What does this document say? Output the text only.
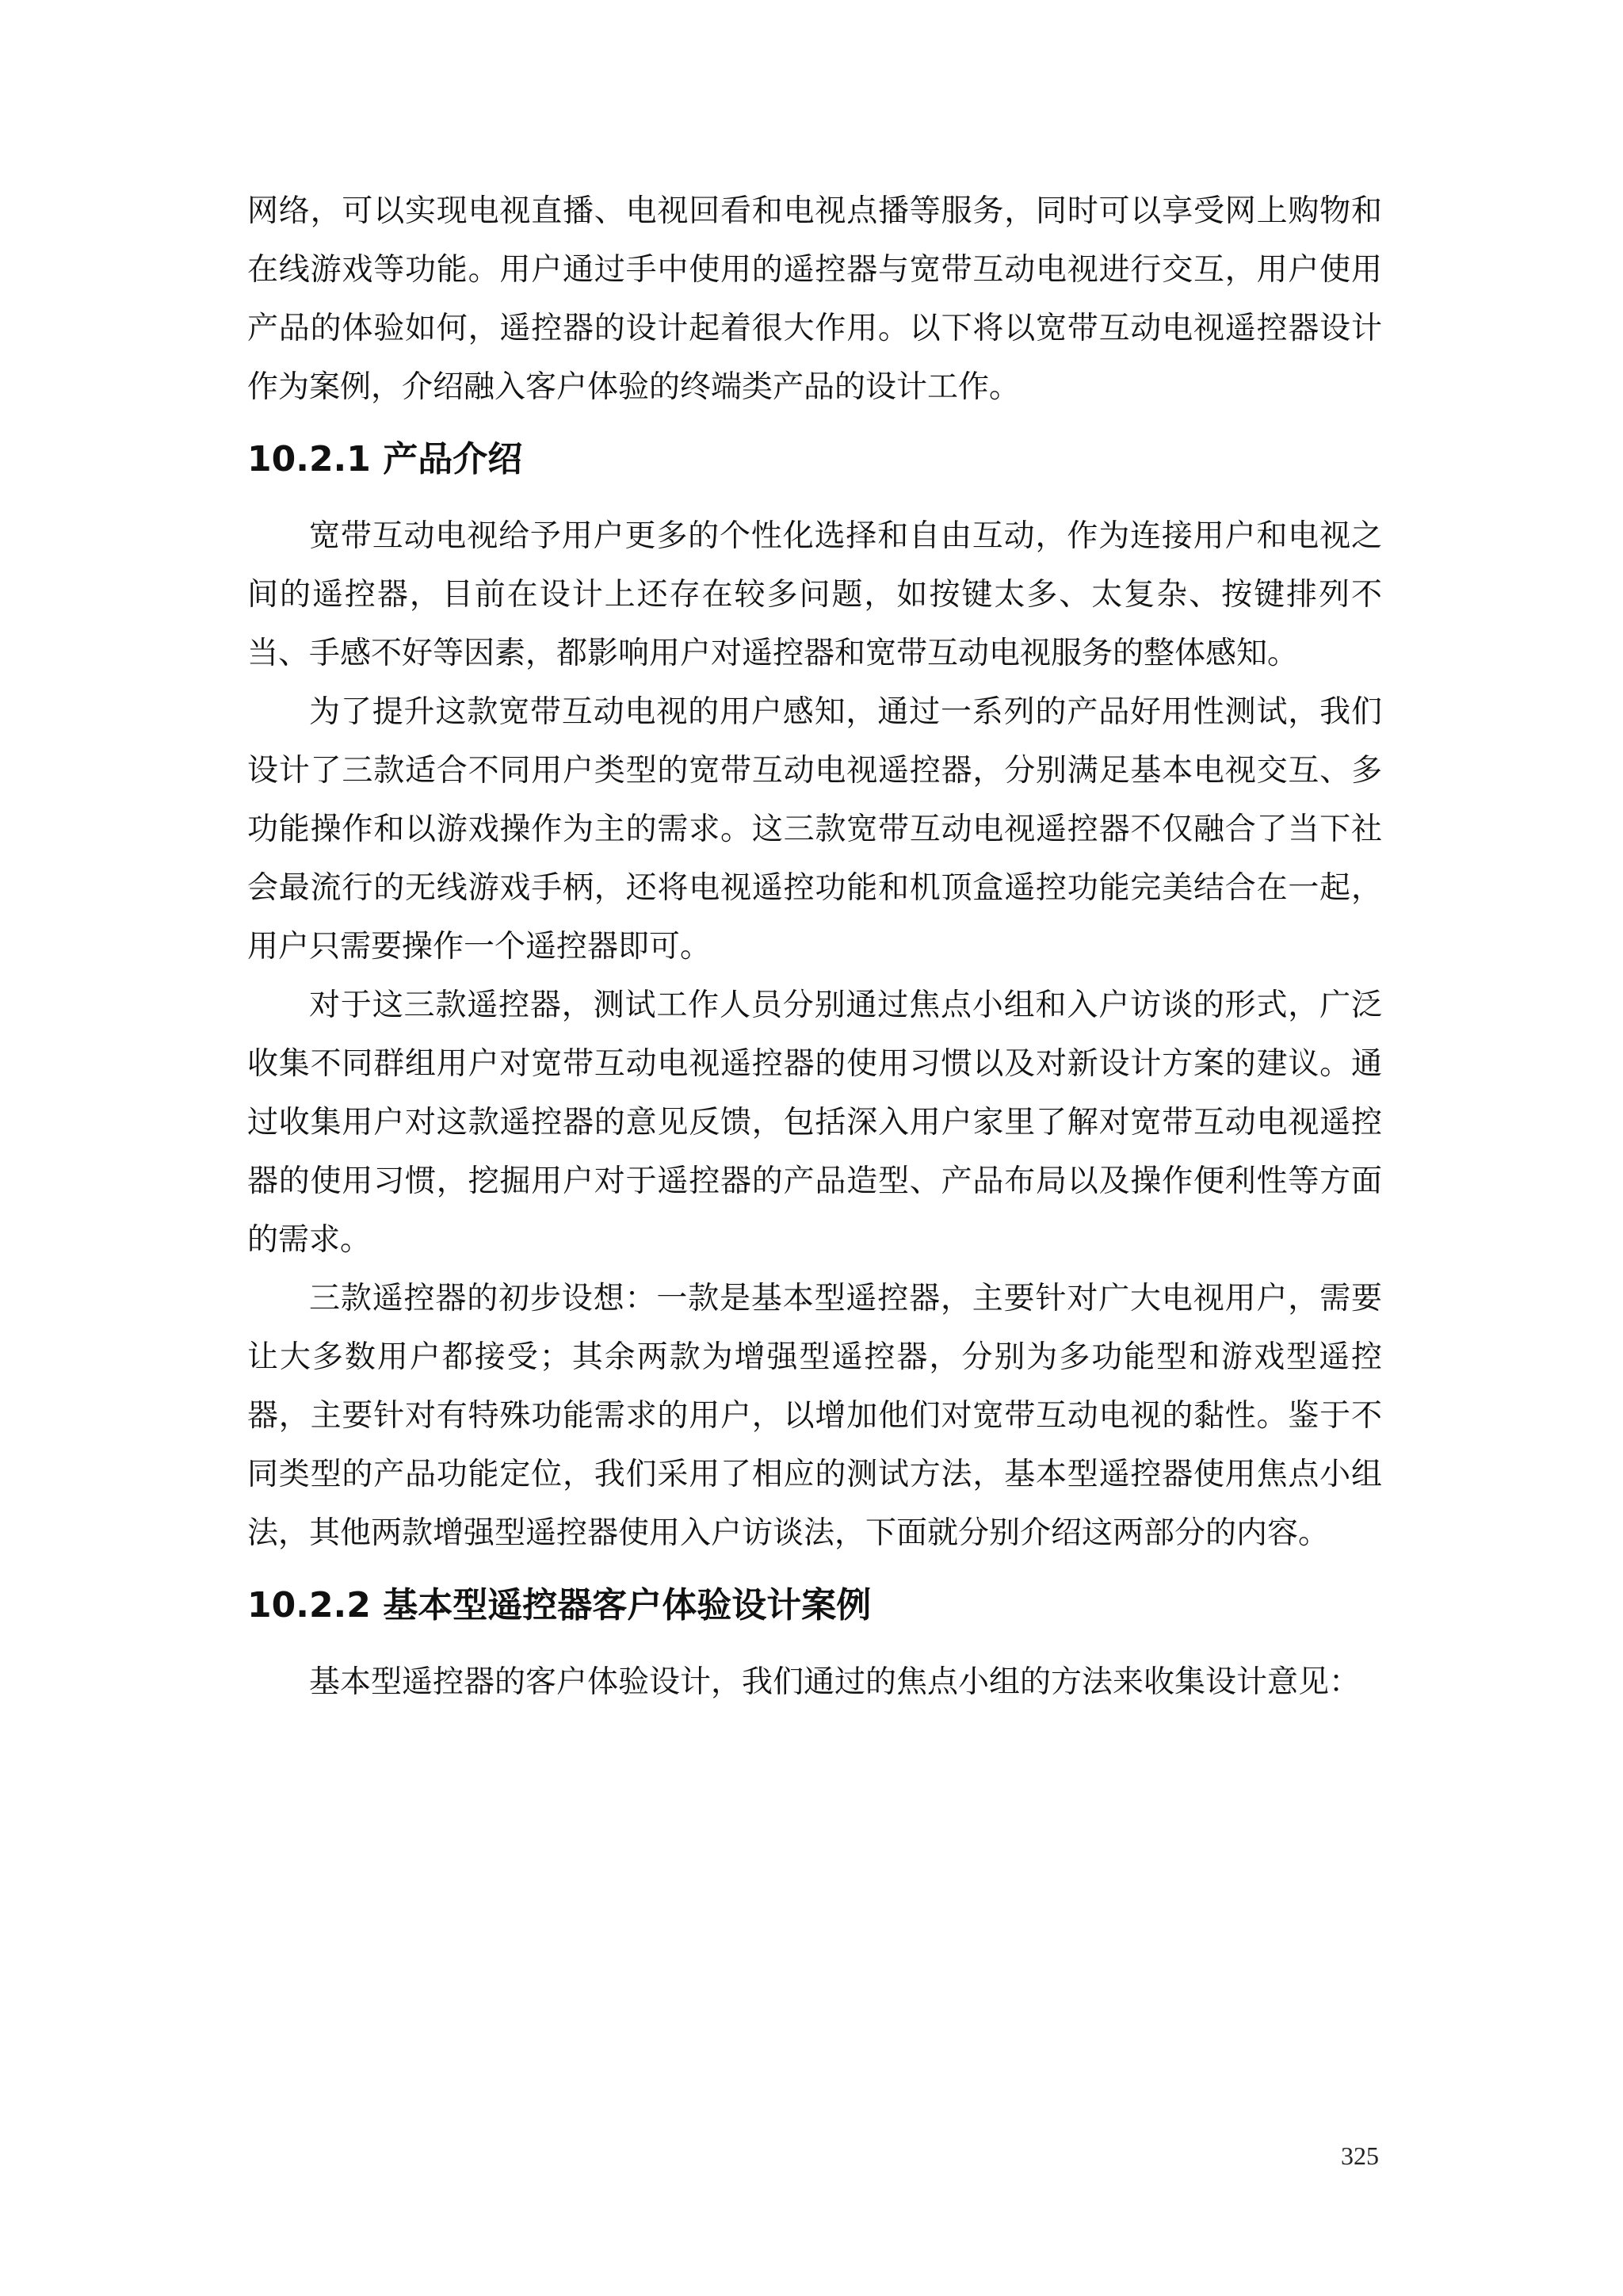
网络，可以实现电视直播、电视回看和电视点播等服务，同时可以享受网上购物和在线游戏等功能。用户通过手中使用的遥控器与宽带互动电视进行交互，用户使用产品的体验如何，遥控器的设计起着很大作用。以下将以宽带互动电视遥控器设计作为案例，介绍融入客户体验的终端类产品的设计工作。

10.2.1 产品介绍

宽带互动电视给予用户更多的个性化选择和自由互动，作为连接用户和电视之间的遥控器，目前在设计上还存在较多问题，如按键太多、太复杂、按键排列不当、手感不好等因素，都影响用户对遥控器和宽带互动电视服务的整体感知。

为了提升这款宽带互动电视的用户感知，通过一系列的产品好用性测试，我们设计了三款适合不同用户类型的宽带互动电视遥控器，分别满足基本电视交互、多功能操作和以游戏操作为主的需求。这三款宽带互动电视遥控器不仅融合了当下社会最流行的无线游戏手柄，还将电视遥控功能和机顶盒遥控功能完美结合在一起，用户只需要操作一个遥控器即可。

对于这三款遥控器，测试工作人员分别通过焦点小组和入户访谈的形式，广泛收集不同群组用户对宽带互动电视遥控器的使用习惯以及对新设计方案的建议。通过收集用户对这款遥控器的意见反馈，包括深入用户家里了解对宽带互动电视遥控器的使用习惯，挖掘用户对于遥控器的产品造型、产品布局以及操作便利性等方面的需求。

三款遥控器的初步设想：一款是基本型遥控器，主要针对广大电视用户，需要让大多数用户都接受；其余两款为增强型遥控器，分别为多功能型和游戏型遥控器，主要针对有特殊功能需求的用户，以增加他们对宽带互动电视的黏性。鉴于不同类型的产品功能定位，我们采用了相应的测试方法，基本型遥控器使用焦点小组法，其他两款增强型遥控器使用入户访谈法，下面就分别介绍这两部分的内容。

10.2.2 基本型遥控器客户体验设计案例

基本型遥控器的客户体验设计，我们通过的焦点小组的方法来收集设计意见：

325
